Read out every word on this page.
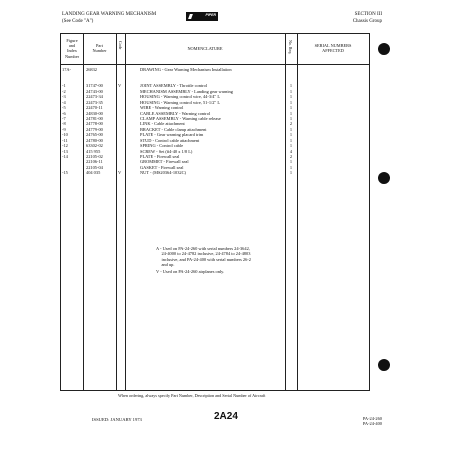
LANDING GEAR WARNING MECHANISM
(See Code "A")
PIPER	SECTION III
Chassis Group
Figure
and
Index
Number
Part
Number
Code	NOMENCLATURE	No. Req.	SERIAL NUMBERS
AFFECTED
17A-	26832	DRAWING - Gear Warning Mechanism Installation
-1	31747-00	V	JOINT ASSEMBLY - Throttle control	1
-2	24743-00	MECHANISM ASSEMBLY - Landing gear warning	1
-3	22473-34	HOUSING - Warning control wire, 44-3/4" L	1
-4	22473-35	HOUSING - Warning control wire, 51-1/2" L	1
-5	22470-11	WIRE - Warning control	1
-6	24830-00	CABLE ASSEMBLY - Warning control	1
-7	24781-00	CLAMP ASSEMBLY - Warning cable release	1
-8	24778-00	LINK - Cable attachment	2
-9	24779-00	BRACKET - Cable clamp attachment	1
-10	24765-00	PLATE - Gear warning placard trim	1
-11	24780-00	STUD - Control cable attachment	1
-12	63302-02	SPRING - Control cable	1
-13	415 955	SCREW - Set (#4-40 x 1/8 L)	4
-14	22105-02	PLATE - Firewall seal	2
22106-11	GROMMET - Firewall seal	1
22105-04	GASKET - Firewall seal	1
-15	404 035	V	NUT - (MS20364-1032C)	1
A - Used on PA-24-260 with serial numbers 24-3642,
24-4000 to 24-4782 inclusive, 24-4784 to 24-4803
inclusive, and PA-24-400 with serial numbers 26-2
and up.
V - Used on PA-24-260 airplanes only.
When ordering, always specify Part Number, Description and Serial Number of Aircraft
ISSUED: JANUARY 1973	2A24	PA-24-260
PA-24-400
